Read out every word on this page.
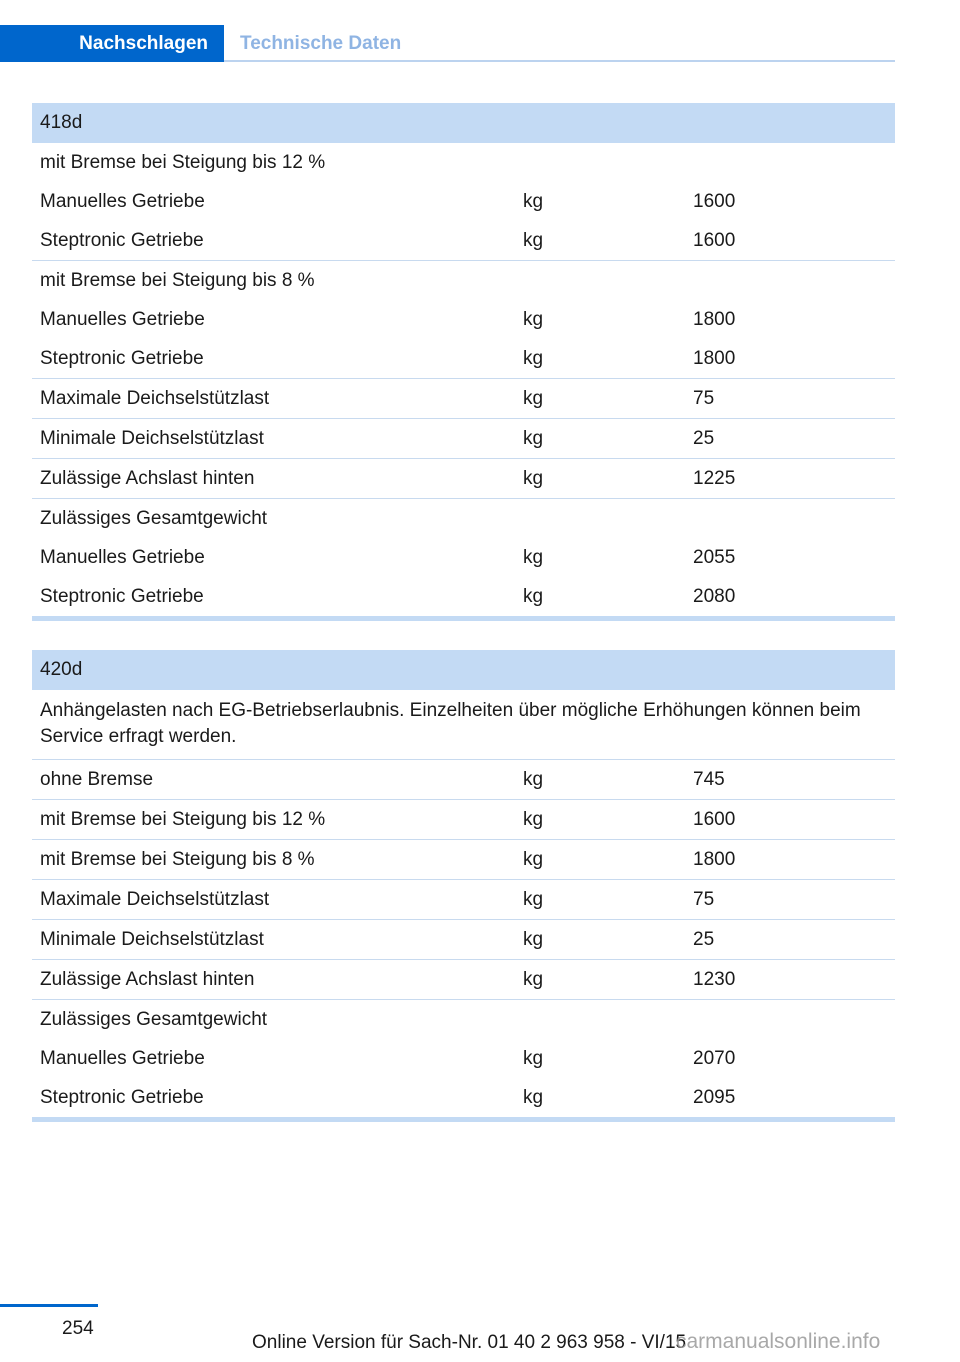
Nachschlagen	Technische Daten
418d		
mit Bremse bei Steigung bis 12 %		
Manuelles Getriebe	kg	1600
Steptronic Getriebe	kg	1600
mit Bremse bei Steigung bis 8 %		
Manuelles Getriebe	kg	1800
Steptronic Getriebe	kg	1800
Maximale Deichselstützlast	kg	75
Minimale Deichselstützlast	kg	25
Zulässige Achslast hinten	kg	1225
Zulässiges Gesamtgewicht		
Manuelles Getriebe	kg	2055
Steptronic Getriebe	kg	2080
420d		
Anhängelasten nach EG-Betriebserlaubnis. Einzelheiten über mögliche Erhöhungen können beim Service erfragt werden.		
ohne Bremse	kg	745
mit Bremse bei Steigung bis 12 %	kg	1600
mit Bremse bei Steigung bis 8 %	kg	1800
Maximale Deichselstützlast	kg	75
Minimale Deichselstützlast	kg	25
Zulässige Achslast hinten	kg	1230
Zulässiges Gesamtgewicht		
Manuelles Getriebe	kg	2070
Steptronic Getriebe	kg	2095
254
Online Version für Sach-Nr. 01 40 2 963 958 - VI/15
carmanualsonline.info
